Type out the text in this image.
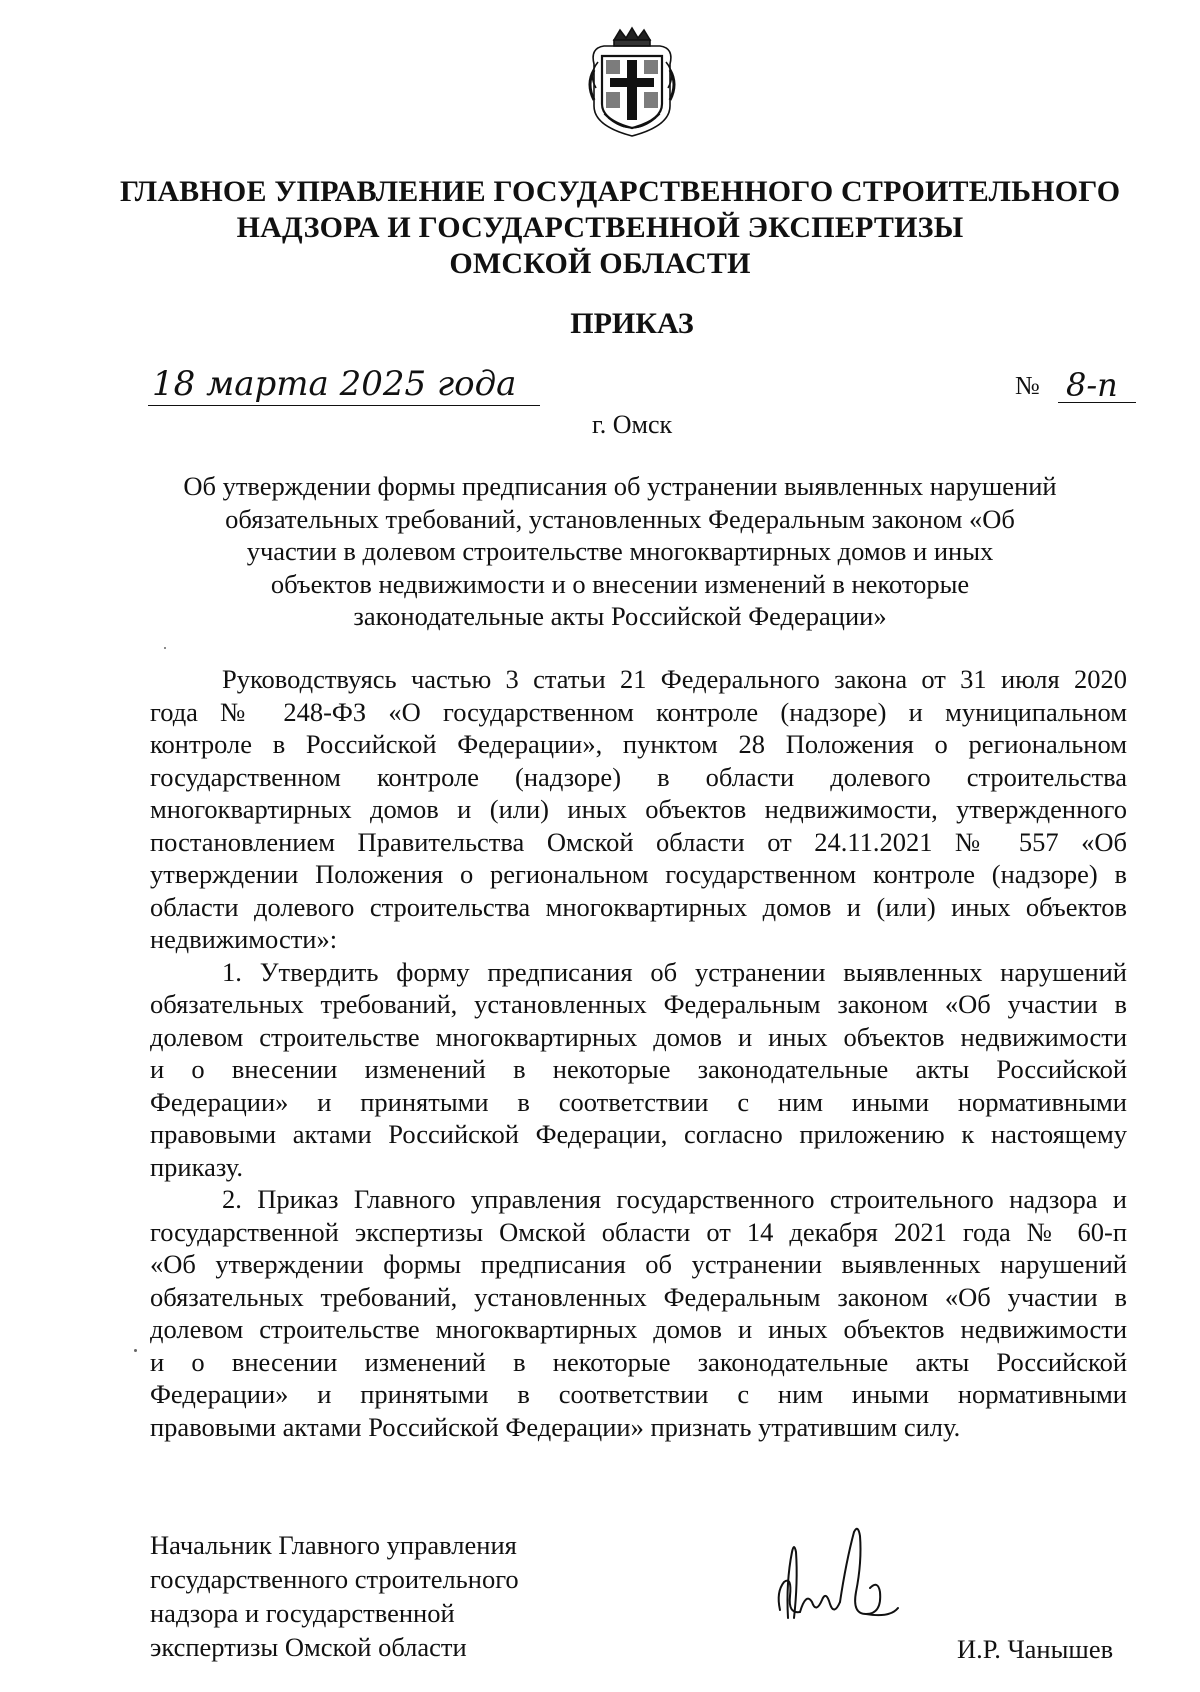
ГЛАВНОЕ УПРАВЛЕНИЕ ГОСУДАРСТВЕННОГО СТРОИТЕЛЬНОГО
НАДЗОРА И ГОСУДАРСТВЕННОЙ ЭКСПЕРТИЗЫ
ОМСКОЙ ОБЛАСТИ
ПРИКАЗ
18 марта 2025 года	№ 8-п
г. Омск
Об утверждении формы предписания об устранении выявленных нарушений
обязательных требований, установленных Федеральным законом «Об
участии в долевом строительстве многоквартирных домов и иных
объектов недвижимости и о внесении изменений в некоторые
законодательные акты Российской Федерации»
Руководствуясь частью 3 статьи 21 Федерального закона от 31 июля 2020
года № 248-ФЗ «О государственном контроле (надзоре) и муниципальном
контроле в Российской Федерации», пунктом 28 Положения о региональном
государственном контроле (надзоре) в области долевого строительства
многоквартирных домов и (или) иных объектов недвижимости, утвержденного
постановлением Правительства Омской области от 24.11.2021 № 557 «Об
утверждении Положения о региональном государственном контроле (надзоре) в
области долевого строительства многоквартирных домов и (или) иных объектов
недвижимости»:
1. Утвердить форму предписания об устранении выявленных нарушений
обязательных требований, установленных Федеральным законом «Об участии в
долевом строительстве многоквартирных домов и иных объектов недвижимости
и о внесении изменений в некоторые законодательные акты Российской
Федерации» и принятыми в соответствии с ним иными нормативными
правовыми актами Российской Федерации, согласно приложению к настоящему
приказу.
2. Приказ Главного управления государственного строительного надзора и
государственной экспертизы Омской области от 14 декабря 2021 года № 60-п
«Об утверждении формы предписания об устранении выявленных нарушений
обязательных требований, установленных Федеральным законом «Об участии в
долевом строительстве многоквартирных домов и иных объектов недвижимости
и о внесении изменений в некоторые законодательные акты Российской
Федерации» и принятыми в соответствии с ним иными нормативными
правовыми актами Российской Федерации» признать утратившим силу.
Начальник Главного управления
государственного строительного
надзора и государственной
экспертизы Омской области	И.Р. Чанышев
